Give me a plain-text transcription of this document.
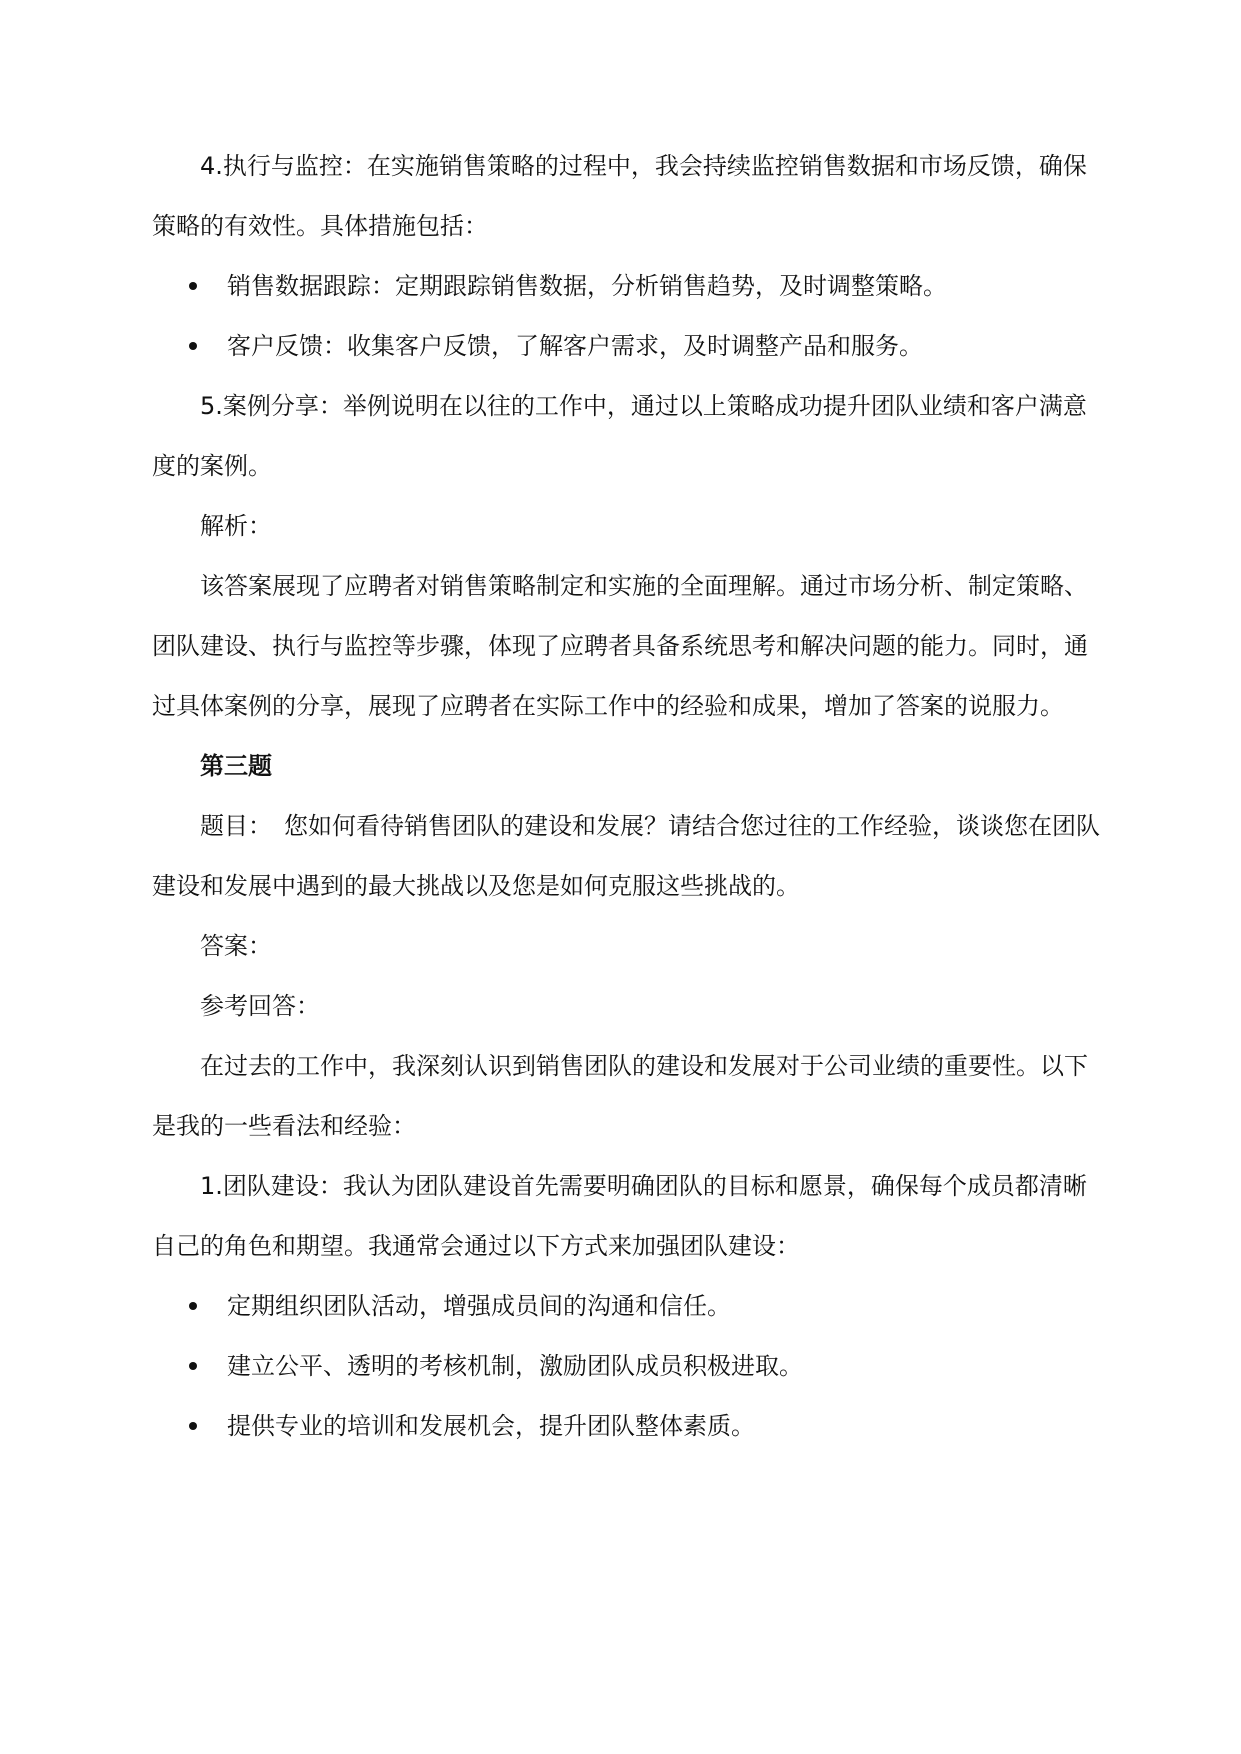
4.执行与监控：在实施销售策略的过程中，我会持续监控销售数据和市场反馈，确保策略的有效性。具体措施包括：

销售数据跟踪：定期跟踪销售数据，分析销售趋势，及时调整策略。
客户反馈：收集客户反馈，了解客户需求，及时调整产品和服务。

5.案例分享：举例说明在以往的工作中，通过以上策略成功提升团队业绩和客户满意度的案例。

解析：

该答案展现了应聘者对销售策略制定和实施的全面理解。通过市场分析、制定策略、团队建设、执行与监控等步骤，体现了应聘者具备系统思考和解决问题的能力。同时，通过具体案例的分享，展现了应聘者在实际工作中的经验和成果，增加了答案的说服力。

第三题

题目：　您如何看待销售团队的建设和发展？请结合您过往的工作经验，谈谈您在团队建设和发展中遇到的最大挑战以及您是如何克服这些挑战的。

答案：

参考回答：

在过去的工作中，我深刻认识到销售团队的建设和发展对于公司业绩的重要性。以下是我的一些看法和经验：

1.团队建设：我认为团队建设首先需要明确团队的目标和愿景，确保每个成员都清晰自己的角色和期望。我通常会通过以下方式来加强团队建设：

定期组织团队活动，增强成员间的沟通和信任。
建立公平、透明的考核机制，激励团队成员积极进取。
提供专业的培训和发展机会，提升团队整体素质。
